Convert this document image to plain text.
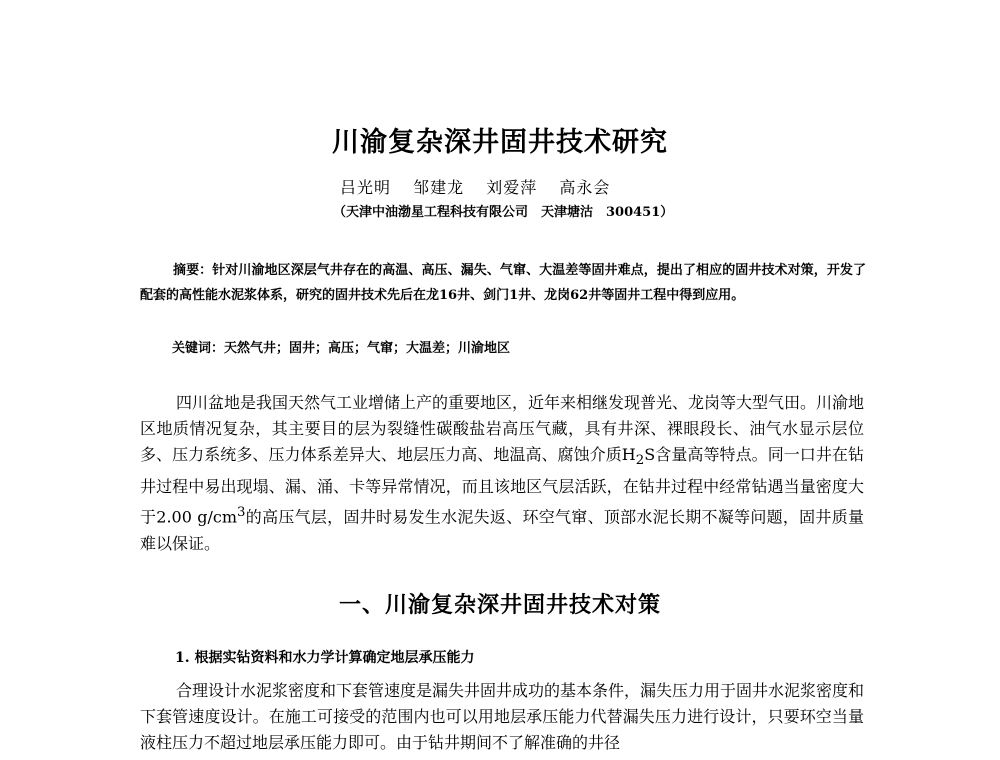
川渝复杂深井固井技术研究
吕光明 邹建龙 刘爱萍 高永会
（天津中油渤星工程科技有限公司　天津塘沽　300451）
摘要：针对川渝地区深层气井存在的高温、高压、漏失、气窜、大温差等固井难点，提出了相应的固井技术对策，开发了配套的高性能水泥浆体系，研究的固井技术先后在龙16井、剑门1井、龙岗62井等固井工程中得到应用。
关键词：天然气井；固井；高压；气窜；大温差；川渝地区
四川盆地是我国天然气工业增储上产的重要地区，近年来相继发现普光、龙岗等大型气田。川渝地区地质情况复杂，其主要目的层为裂缝性碳酸盐岩高压气藏，具有井深、裸眼段长、油气水显示层位多、压力系统多、压力体系差异大、地层压力高、地温高、腐蚀介质$H_2S$含量高等特点。同一口井在钻井过程中易出现塌、漏、涌、卡等异常情况，而且该地区气层活跃，在钻井过程中经常钻遇当量密度大于2.00 $g/cm^3$的高压气层，固井时易发生水泥失返、环空气窜、顶部水泥长期不凝等问题，固井质量难以保证。
一、川渝复杂深井固井技术对策
1. 根据实钻资料和水力学计算确定地层承压能力
合理设计水泥浆密度和下套管速度是漏失井固井成功的基本条件，漏失压力用于固井水泥浆密度和下套管速度设计。在施工可接受的范围内也可以用地层承压能力代替漏失压力进行设计，只要环空当量液柱压力不超过地层承压能力即可。由于钻井期间不了解准确的井径
